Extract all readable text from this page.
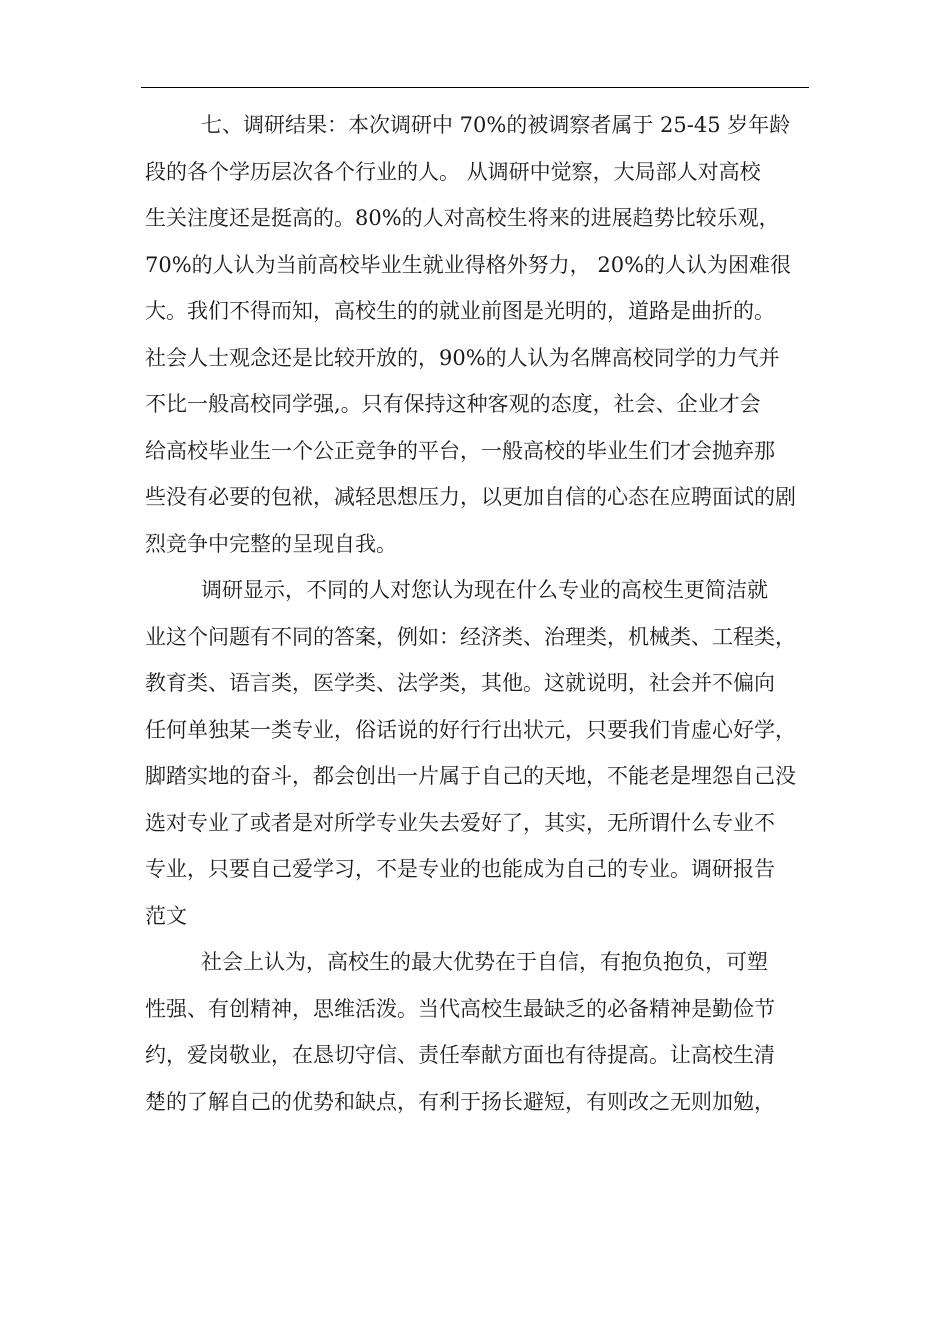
七、调研结果：本次调研中 70%的被调察者属于 25-45 岁年龄
段的各个学历层次各个行业的人。 从调研中觉察，大局部人对高校
生关注度还是挺高的。80%的人对高校生将来的进展趋势比较乐观，
70%的人认为当前高校毕业生就业得格外努力， 20%的人认为困难很
大。我们不得而知，高校生的的就业前图是光明的，道路是曲折的。
社会人士观念还是比较开放的，90%的人认为名牌高校同学的力气并
不比一般高校同学强,。只有保持这种客观的态度，社会、企业才会
给高校毕业生一个公正竞争的平台，一般高校的毕业生们才会抛弃那
些没有必要的包袱，减轻思想压力，以更加自信的心态在应聘面试的剧
烈竞争中完整的呈现自我。
调研显示，不同的人对您认为现在什么专业的高校生更简洁就
业这个问题有不同的答案，例如：经济类、治理类，机械类、工程类，
教育类、语言类，医学类、法学类，其他。这就说明，社会并不偏向
任何单独某一类专业，俗话说的好行行出状元，只要我们肯虚心好学，
脚踏实地的奋斗，都会创出一片属于自己的天地，不能老是埋怨自己没
选对专业了或者是对所学专业失去爱好了，其实，无所谓什么专业不
专业，只要自己爱学习，不是专业的也能成为自己的专业。调研报告
范文
社会上认为，高校生的最大优势在于自信，有抱负抱负，可塑
性强、有创精神，思维活泼。当代高校生最缺乏的必备精神是勤俭节
约，爱岗敬业，在恳切守信、责任奉献方面也有待提高。让高校生清
楚的了解自己的优势和缺点，有利于扬长避短，有则改之无则加勉，
